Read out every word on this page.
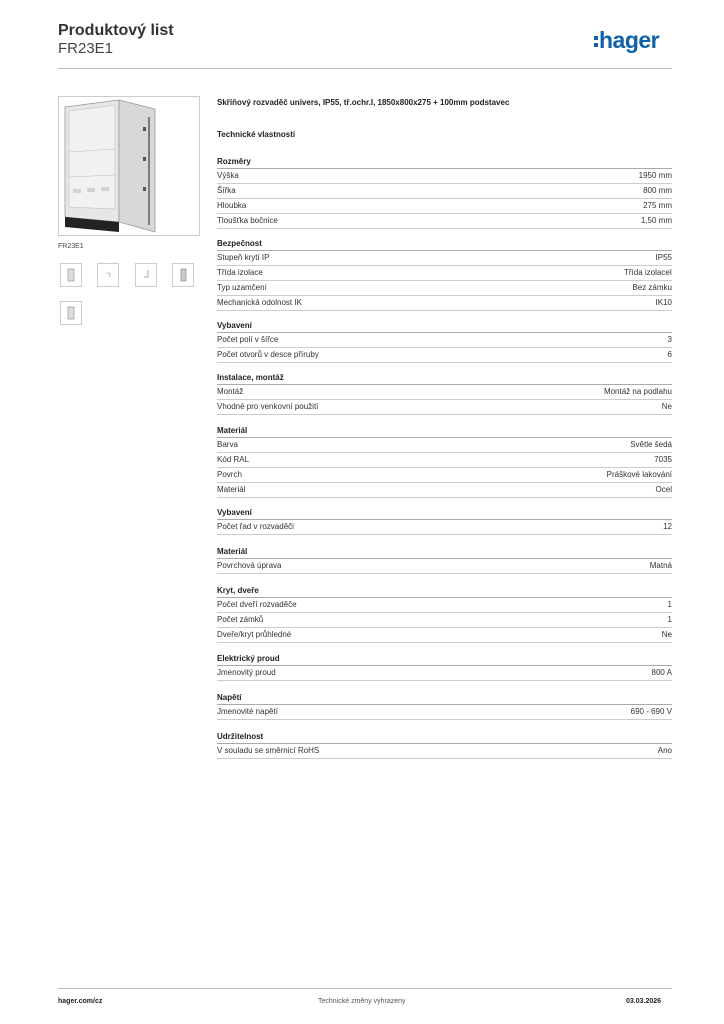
Produktový list
FR23E1	hager
FR23E1
Skříňový rozvaděč univers, IP55, tř.ochr.I, 1850x800x275 + 100mm podstavec
Technické vlastnosti
Rozměry
Výška	1950 mm
Šířka	800 mm
Hloubka	275 mm
Tloušťka bočnice	1,50 mm
Bezpečnost
Stupeň krytí IP	IP55
Třída izolace	Třída izolaceI
Typ uzamčení	Bez zámku
Mechanická odolnost IK	IK10
Vybavení
Počet polí v šířce	3
Počet otvorů v desce příruby	6
Instalace, montáž
Montáž	Montáž na podlahu
Vhodné pro venkovní použití	Ne
Materiál
Barva	Světle šedá
Kód RAL	7035
Povrch	Práškové lakování
Materiál	Ocel
Vybavení
Počet řad v rozvaděči	12
Materiál
Povrchová úprava	Matná
Kryt, dveře
Počet dveří rozvaděče	1
Počet zámků	1
Dveře/kryt průhledné	Ne
Elektrický proud
Jmenovitý proud	800 A
Napětí
Jmenovité napětí	690 - 690 V
Udržitelnost
V souladu se směrnicí RoHS	Ano
hager.com/cz	Technické změny vyhrazeny	03.03.2026
